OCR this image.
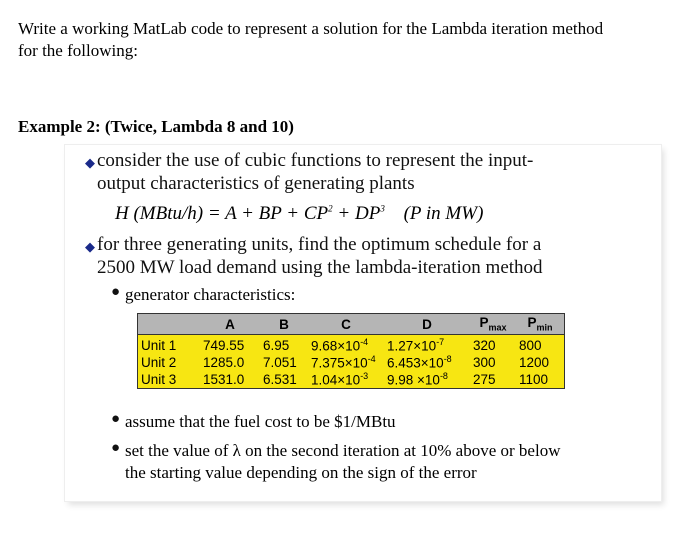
Write a working MatLab code to represent a solution for the Lambda iteration method
for the following:
Example 2: (Twice, Lambda 8 and 10)
◆ consider the use of cubic functions to represent the input-
output characteristics of generating plants
H (MBtu/h) = A + BP + $CP^2 + DP^3$ (P in MW)
◆ for three generating units, find the optimum schedule for a
2500 MW load demand using the lambda-iteration method
● generator characteristics:
	A	B	C	D	$P_{max}$	$P_{min}$
Unit 1	749.55	6.95	$9.68\times 10^{-4}$	$1.27\times 10^{-7}$	320	800
Unit 2	1285.0	7.051	$7.375\times 10^{-4}$	$6.453\times 10^{-8}$	300	1200
Unit 3	1531.0	6.531	$1.04\times 10^{-3}$	$9.98 \times 10^{-8}$	275	1100
● assume that the fuel cost to be $1/MBtu
● set the value of λ on the second iteration at 10% above or below
the starting value depending on the sign of the error
